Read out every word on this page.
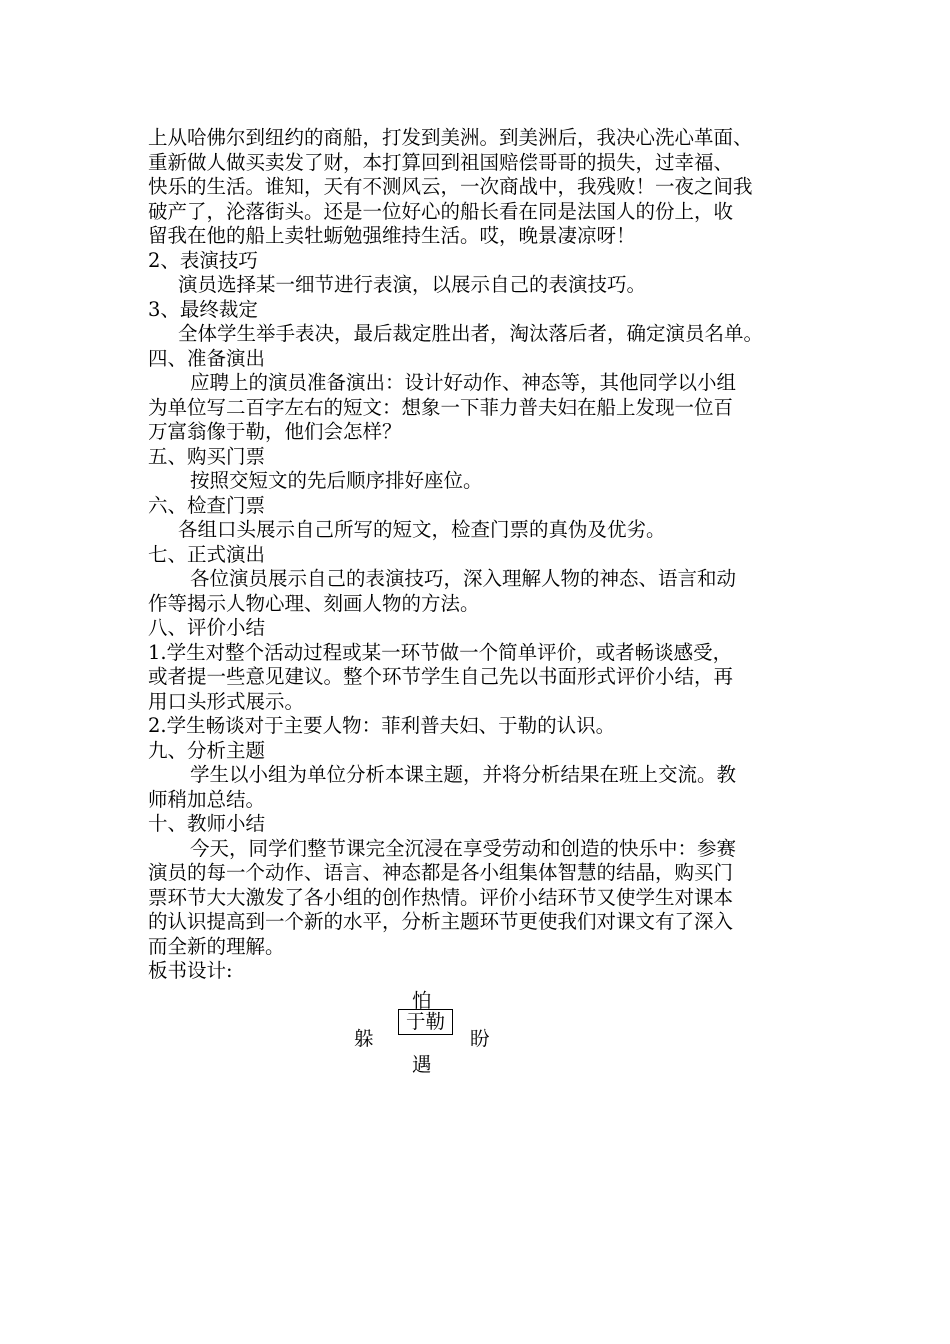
上从哈佛尔到纽约的商船，打发到美洲。到美洲后，我决心洗心革面、

重新做人做买卖发了财，本打算回到祖国赔偿哥哥的损失，过幸福、

快乐的生活。谁知，天有不测风云，一次商战中，我残败！一夜之间我

破产了，沦落街头。还是一位好心的船长看在同是法国人的份上，收

留我在他的船上卖牡蛎勉强维持生活。哎，晚景凄凉呀！

2、表演技巧

演员选择某一细节进行表演，以展示自己的表演技巧。

3、最终裁定

全体学生举手表决，最后裁定胜出者，淘汰落后者，确定演员名单。

四、准备演出

应聘上的演员准备演出：设计好动作、神态等，其他同学以小组

为单位写二百字左右的短文：想象一下菲力普夫妇在船上发现一位百

万富翁像于勒，他们会怎样？

五、购买门票

按照交短文的先后顺序排好座位。

六、检查门票

各组口头展示自己所写的短文，检查门票的真伪及优劣。

七、正式演出

各位演员展示自己的表演技巧，深入理解人物的神态、语言和动

作等揭示人物心理、刻画人物的方法。

八、评价小结

1.学生对整个活动过程或某一环节做一个简单评价，或者畅谈感受，

或者提一些意见建议。整个环节学生自己先以书面形式评价小结，再

用口头形式展示。

2.学生畅谈对于主要人物：菲利普夫妇、于勒的认识。

九、分析主题

学生以小组为单位分析本课主题，并将分析结果在班上交流。教

师稍加总结。

十、教师小结

今天，同学们整节课完全沉浸在享受劳动和创造的快乐中：参赛

演员的每一个动作、语言、神态都是各小组集体智慧的结晶，购买门

票环节大大激发了各小组的创作热情。评价小结环节又使学生对课本

的认识提高到一个新的水平，分析主题环节更使我们对课文有了深入

而全新的理解。

板书设计:

怕
躲
于勒
盼
遇
